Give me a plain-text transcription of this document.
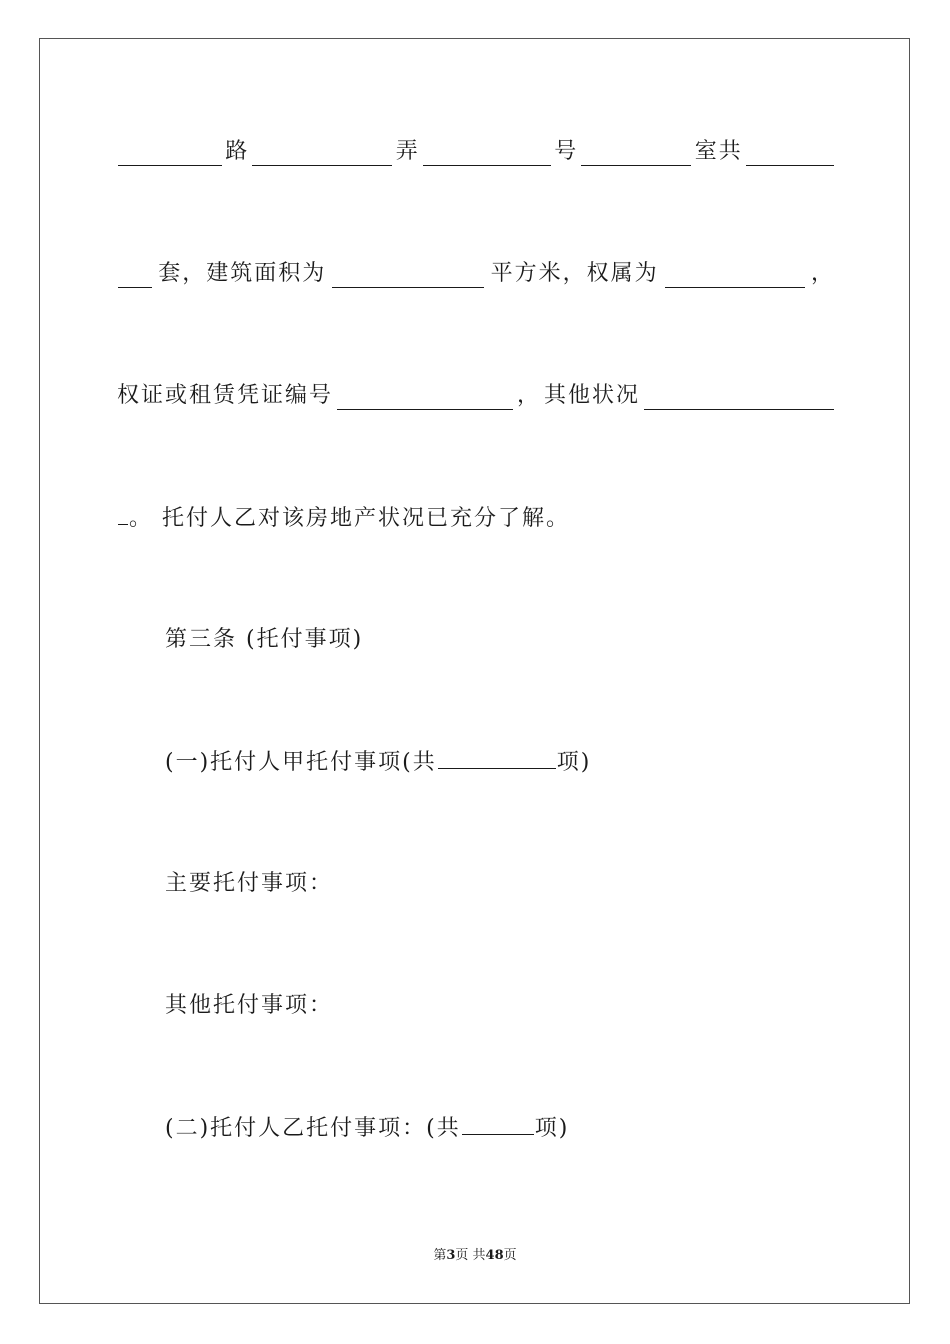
路	弄	号	室共
套，建筑面积为	平方米，权属为	，
权证或租赁凭证编号	， 其他状况
。 托付人乙对该房地产状况已充分了解。
第三条 (托付事项)
(一)托付人甲托付事项(共	项)
主要托付事项：
其他托付事项：
(二)托付人乙托付事项：(共	项)
第3页 共48页
